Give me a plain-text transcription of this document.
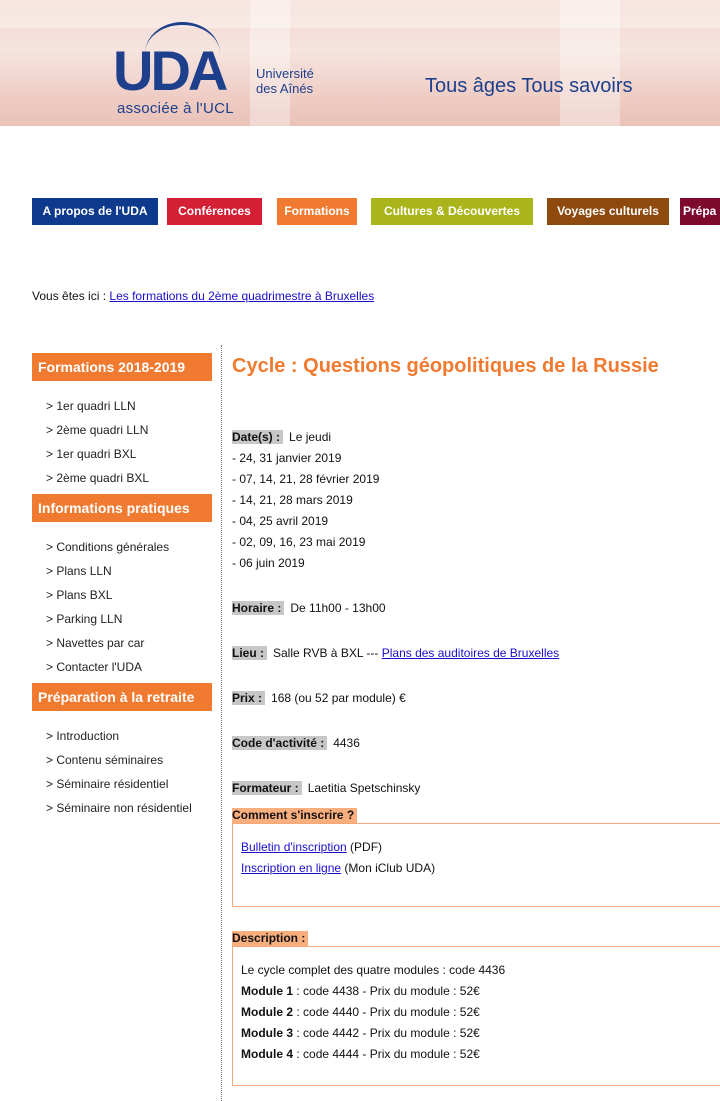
UDA Université
des Aînés
associée à l'UCL
Tous âges Tous savoirs
A propos de l'UDA	Conférences	Formations	Cultures & Découvertes	Voyages culturels	Prépa
Vous êtes ici : Les formations du 2ème quadrimestre à Bruxelles
Formations 2018-2019
> 1er quadri LLN
> 2ème quadri LLN
> 1er quadri BXL
> 2ème quadri BXL
Informations pratiques
> Conditions générales
> Plans LLN
> Plans BXL
> Parking LLN
> Navettes par car
> Contacter l'UDA
Préparation à la retraite
> Introduction
> Contenu séminaires
> Séminaire résidentiel
> Séminaire non résidentiel
Cycle : Questions géopolitiques de la Russie
Date(s) : Le jeudi
- 24, 31 janvier 2019
- 07, 14, 21, 28 février 2019
- 14, 21, 28 mars 2019
- 04, 25 avril 2019
- 02, 09, 16, 23 mai 2019
- 06 juin 2019
Horaire : De 11h00 - 13h00
Lieu : Salle RVB à BXL --- Plans des auditoires de Bruxelles
Prix : 168 (ou 52 par module) €
Code d'activité : 4436
Formateur : Laetitia Spetschinsky
Comment s'inscrire ?
Bulletin d'inscription (PDF)
Inscription en ligne (Mon iClub UDA)
Description :
Le cycle complet des quatre modules : code 4436
Module 1 : code 4438 - Prix du module : 52€
Module 2 : code 4440 - Prix du module : 52€
Module 3 : code 4442 - Prix du module : 52€
Module 4 : code 4444 - Prix du module : 52€
